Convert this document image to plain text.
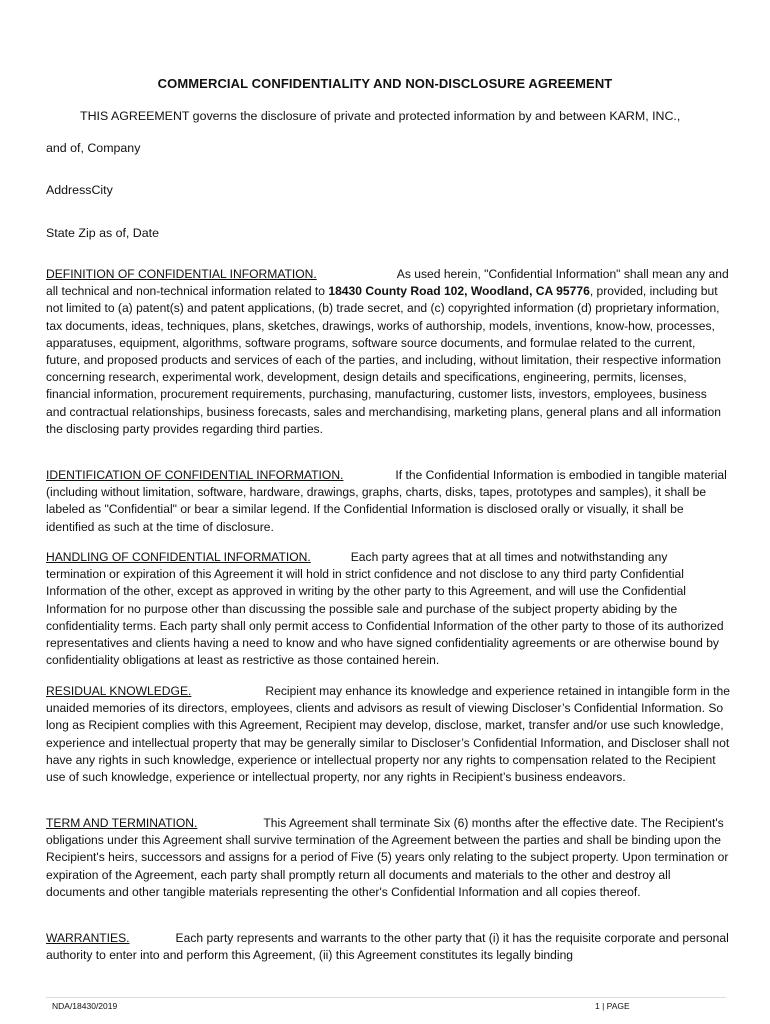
COMMERCIAL CONFIDENTIALITY AND NON-DISCLOSURE AGREEMENT
THIS AGREEMENT governs the disclosure of private and protected information by and between KARM, INC.,
and of, Company
AddressCity
State Zip as of, Date
DEFINITION OF CONFIDENTIAL INFORMATION.	As used herein, "Confidential Information" shall mean any and all technical and non-technical information related to 18430 County Road 102, Woodland, CA 95776, provided, including but not limited to (a) patent(s) and patent applications, (b) trade secret, and (c) copyrighted information (d) proprietary information, tax documents, ideas, techniques, plans, sketches, drawings, works of authorship, models, inventions, know-how, processes, apparatuses, equipment, algorithms, software programs, software source documents, and formulae related to the current, future, and proposed products and services of each of the parties, and including, without limitation, their respective information concerning research, experimental work, development, design details and specifications, engineering, permits, licenses, financial information, procurement requirements, purchasing, manufacturing, customer lists, investors, employees, business and contractual relationships, business forecasts, sales and merchandising, marketing plans, general plans and all information the disclosing party provides regarding third parties.
IDENTIFICATION OF CONFIDENTIAL INFORMATION.	If the Confidential Information is embodied in tangible material (including without limitation, software, hardware, drawings, graphs, charts, disks, tapes, prototypes and samples), it shall be labeled as "Confidential" or bear a similar legend. If the Confidential Information is disclosed orally or visually, it shall be identified as such at the time of disclosure.
HANDLING OF CONFIDENTIAL INFORMATION.	Each party agrees that at all times and notwithstanding any termination or expiration of this Agreement it will hold in strict confidence and not disclose to any third party Confidential Information of the other, except as approved in writing by the other party to this Agreement, and will use the Confidential Information for no purpose other than discussing the possible sale and purchase of the subject property abiding by the confidentiality terms. Each party shall only permit access to Confidential Information of the other party to those of its authorized representatives and clients having a need to know and who have signed confidentiality agreements or are otherwise bound by confidentiality obligations at least as restrictive as those contained herein.
RESIDUAL KNOWLEDGE.	Recipient may enhance its knowledge and experience retained in intangible form in the unaided memories of its directors, employees, clients and advisors as result of viewing Discloser’s Confidential Information. So long as Recipient complies with this Agreement, Recipient may develop, disclose, market, transfer and/or use such knowledge, experience and intellectual property that may be generally similar to Discloser’s Confidential Information, and Discloser shall not have any rights in such knowledge, experience or intellectual property nor any rights to compensation related to the Recipient use of such knowledge, experience or intellectual property, nor any rights in Recipient’s business endeavors.
TERM AND TERMINATION.	This Agreement shall terminate Six (6) months after the effective date. The Recipient's obligations under this Agreement shall survive termination of the Agreement between the parties and shall be binding upon the Recipient's heirs, successors and assigns for a period of Five (5) years only relating to the subject property. Upon termination or expiration of the Agreement, each party shall promptly return all documents and materials to the other and destroy all documents and other tangible materials representing the other's Confidential Information and all copies thereof.
WARRANTIES.	Each party represents and warrants to the other party that (i) it has the requisite corporate and personal authority to enter into and perform this Agreement, (ii) this Agreement constitutes its legally binding
NDA/18430/2019	1 | PAGE
